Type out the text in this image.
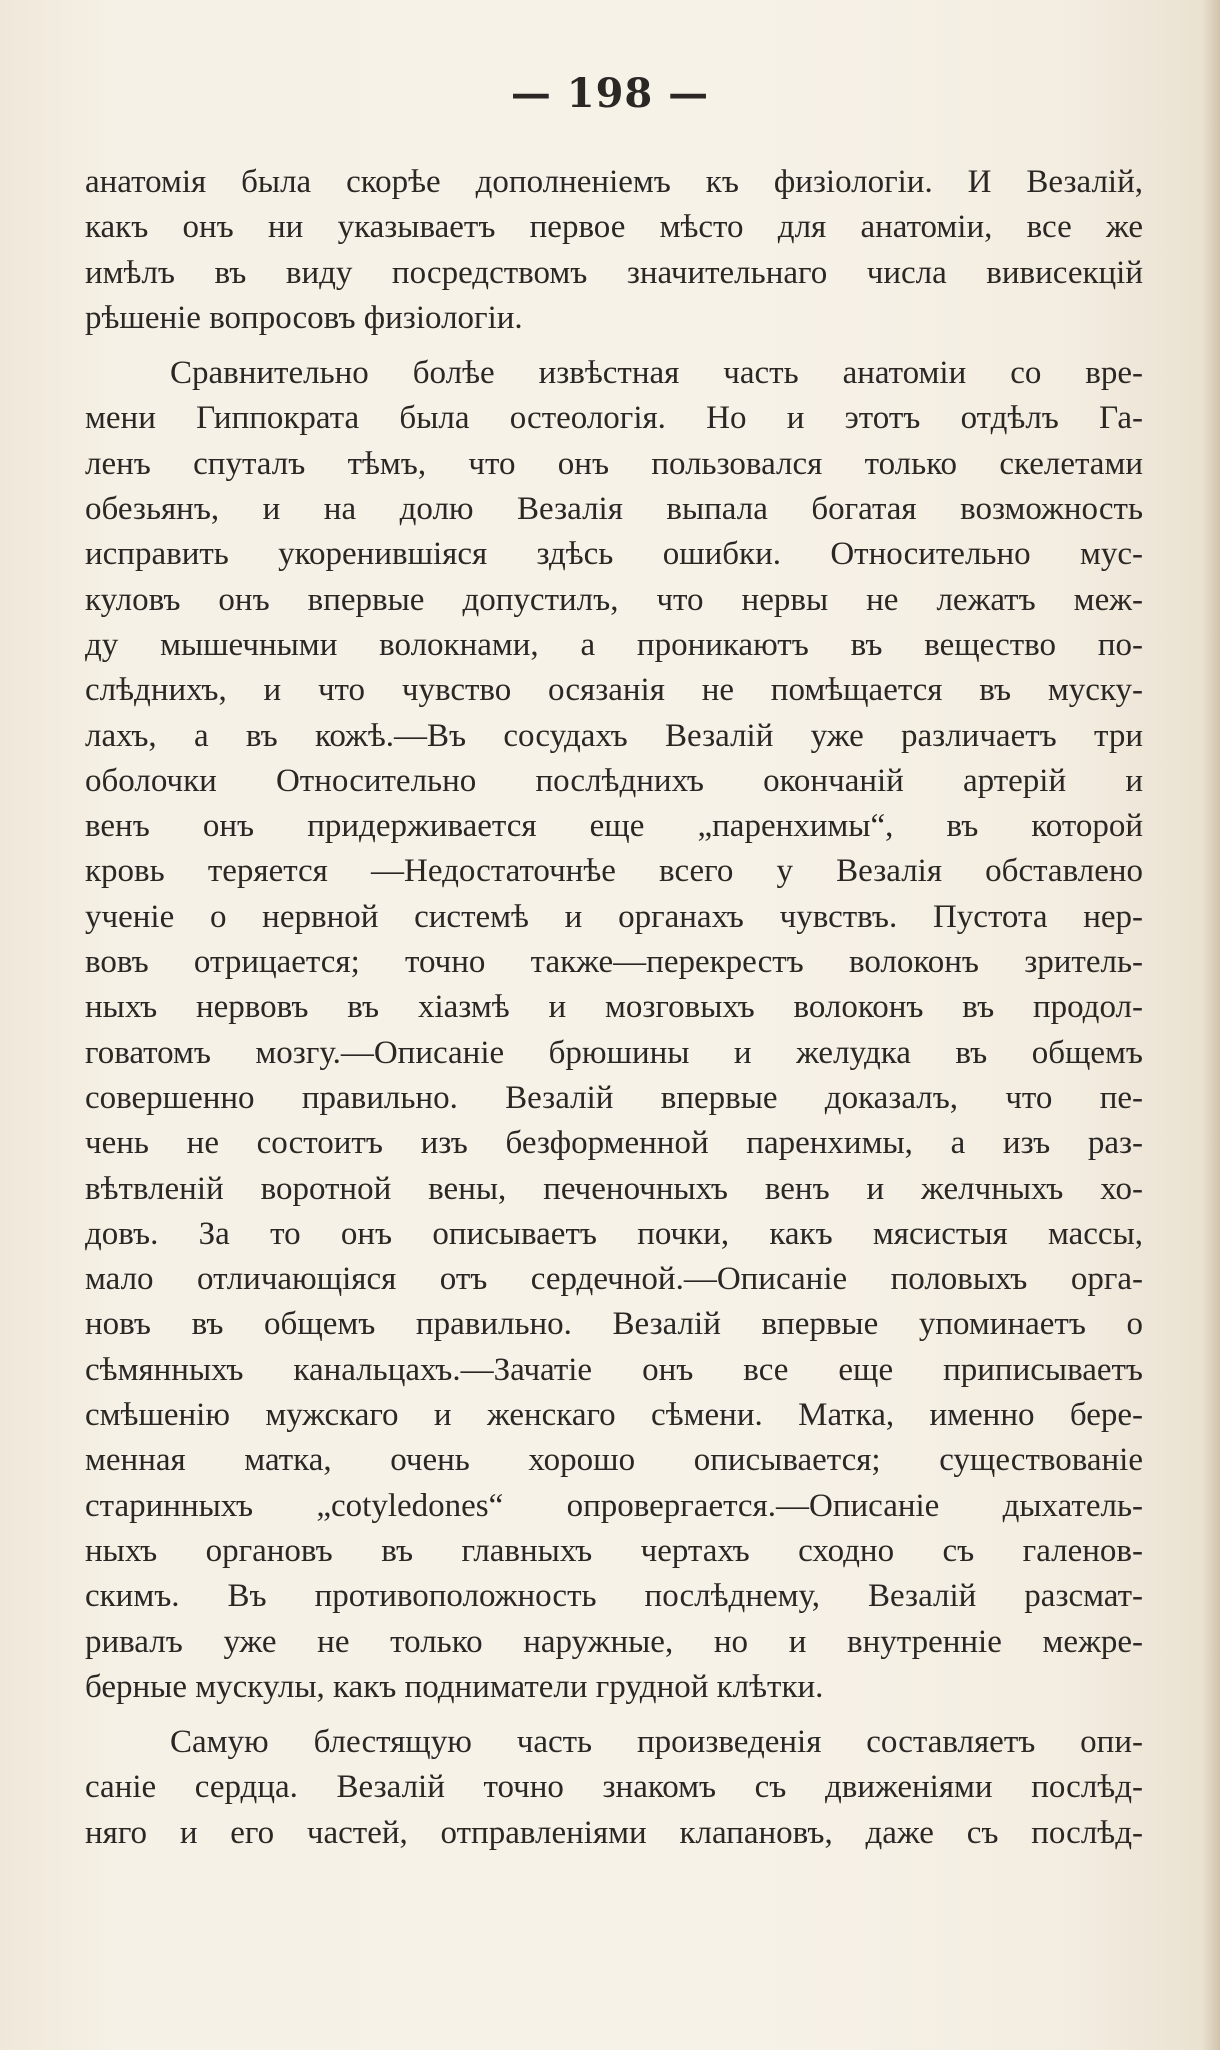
— 198 —
анатомія была скорѣе дополненіемъ къ физіологіи. И Везалій,
какъ онъ ни указываетъ первое мѣсто для анатоміи, все же
имѣлъ въ виду посредствомъ значительнаго числа вивисекцій
рѣшеніе вопросовъ физіологіи.
Сравнительно болѣе извѣстная часть анатоміи со вре-
мени Гиппократа была остеологія. Но и этотъ отдѣлъ Га-
ленъ спуталъ тѣмъ, что онъ пользовался только скелетами
обезьянъ, и на долю Везалія выпала богатая возможность
исправить укоренившіяся здѣсь ошибки. Относительно мус-
куловъ онъ впервые допустилъ, что нервы не лежатъ меж-
ду мышечными волокнами, а проникаютъ въ вещество по-
слѣднихъ, и что чувство осязанія не помѣщается въ муску-
лахъ, а въ кожѣ.—Въ сосудахъ Везалій уже различаетъ три
оболочки Относительно послѣднихъ окончаній артерій и
венъ онъ придерживается еще „паренхимы“, въ которой
кровь теряется —Недостаточнѣе всего у Везалія обставлено
ученіе о нервной системѣ и органахъ чувствъ. Пустота нер-
вовъ отрицается; точно также—перекрестъ волоконъ зритель-
ныхъ нервовъ въ хіазмѣ и мозговыхъ волоконъ въ продол-
говатомъ мозгу.—Описаніе брюшины и желудка въ общемъ
совершенно правильно. Везалій впервые доказалъ, что пе-
чень не состоитъ изъ безформенной паренхимы, а изъ раз-
вѣтвленій воротной вены, печеночныхъ венъ и желчныхъ хо-
довъ. За то онъ описываетъ почки, какъ мясистыя массы,
мало отличающіяся отъ сердечной.—Описаніе половыхъ орга-
новъ въ общемъ правильно. Везалій впервые упоминаетъ о
сѣмянныхъ канальцахъ.—Зачатіе онъ все еще приписываетъ
смѣшенію мужскаго и женскаго сѣмени. Матка, именно бере-
менная матка, очень хорошо описывается; существованіе
старинныхъ „cotyledones“ опровергается.—Описаніе дыхатель-
ныхъ органовъ въ главныхъ чертахъ сходно съ галенов-
скимъ. Въ противоположность послѣднему, Везалій разсмат-
ривалъ уже не только наружные, но и внутренніе межре-
берные мускулы, какъ подниматели грудной клѣтки.
Самую блестящую часть произведенія составляетъ опи-
саніе сердца. Везалій точно знакомъ съ движеніями послѣд-
няго и его частей, отправленіями клапановъ, даже съ послѣд-
